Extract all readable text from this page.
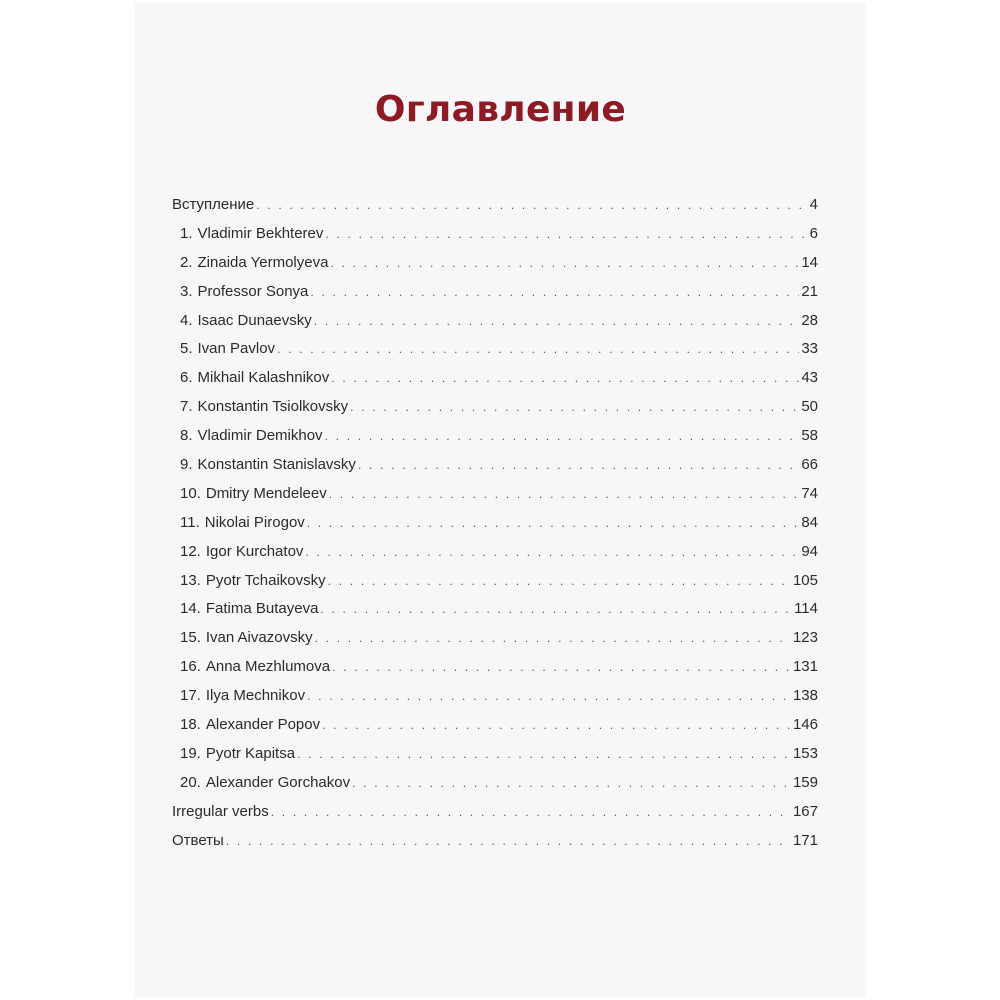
Оглавление
Вступление . . .	4
1. Vladimir Bekhterev . . .	6
2. Zinaida Yermolyeva . . .	14
3. Professor Sonya . . .	21
4. Isaac Dunaevsky . . .	28
5. Ivan Pavlov . . .	33
6. Mikhail Kalashnikov . . .	43
7. Konstantin Tsiolkovsky . . .	50
8. Vladimir Demikhov . . .	58
9. Konstantin Stanislavsky . . .	66
10. Dmitry Mendeleev . . .	74
11. Nikolai Pirogov . . .	84
12. Igor Kurchatov . . .	94
13. Pyotr Tchaikovsky . . .	105
14. Fatima Butayeva . . .	114
15. Ivan Aivazovsky . . .	123
16. Anna Mezhlumova . . .	131
17. Ilya Mechnikov . . .	138
18. Alexander Popov . . .	146
19. Pyotr Kapitsa . . .	153
20. Alexander Gorchakov . . .	159
Irregular verbs . . .	167
Ответы . . .	171
